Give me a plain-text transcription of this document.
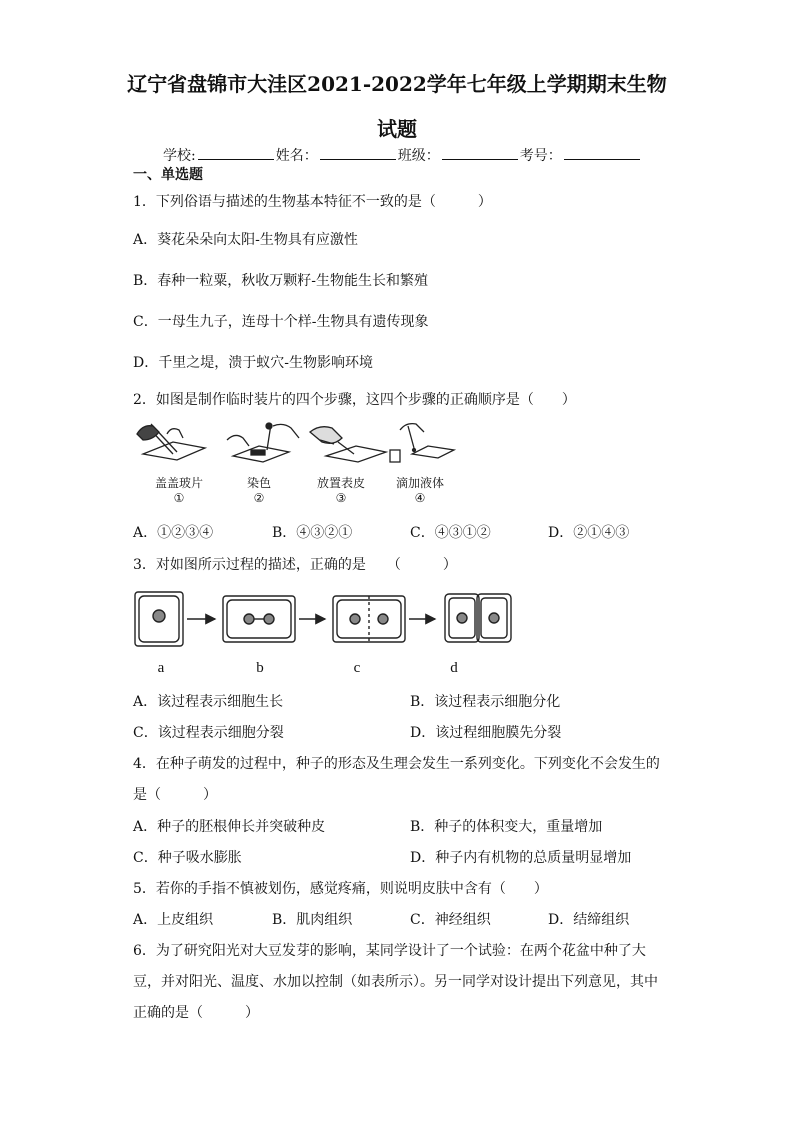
辽宁省盘锦市大洼区2021-2022学年七年级上学期期末生物
试题
学校:	姓名：	班级：	考号：
一、单选题
1．下列俗语与描述的生物基本特征不一致的是（　　　）
A．葵花朵朵向太阳-生物具有应激性
B．春种一粒粟，秋收万颗籽-生物能生长和繁殖
C．一母生九子，连母十个样-生物具有遗传现象
D．千里之堤，溃于蚁穴-生物影响环境
2．如图是制作临时装片的四个步骤，这四个步骤的正确顺序是（　　）
盖盖玻片	染色	放置表皮	滴加液体
①	②	③	④
A．①②③④	B．④③②①	C．④③①②	D．②①④③
3．对如图所示过程的描述，正确的是　　（　　　）
a	b	c	d
A．该过程表示细胞生长	B．该过程表示细胞分化
C．该过程表示细胞分裂	D．该过程细胞膜先分裂
4．在种子萌发的过程中，种子的形态及生理会发生一系列变化。下列变化不会发生的
是（　　　）
A．种子的胚根伸长并突破种皮	B．种子的体积变大，重量增加
C．种子吸水膨胀	D．种子内有机物的总质量明显增加
5．若你的手指不慎被划伤，感觉疼痛，则说明皮肤中含有（　　）
A．上皮组织	B．肌肉组织	C．神经组织	D．结缔组织
6．为了研究阳光对大豆发芽的影响，某同学设计了一个试验：在两个花盆中种了大
豆，并对阳光、温度、水加以控制（如表所示）。另一同学对设计提出下列意见，其中
正确的是（　　　）
